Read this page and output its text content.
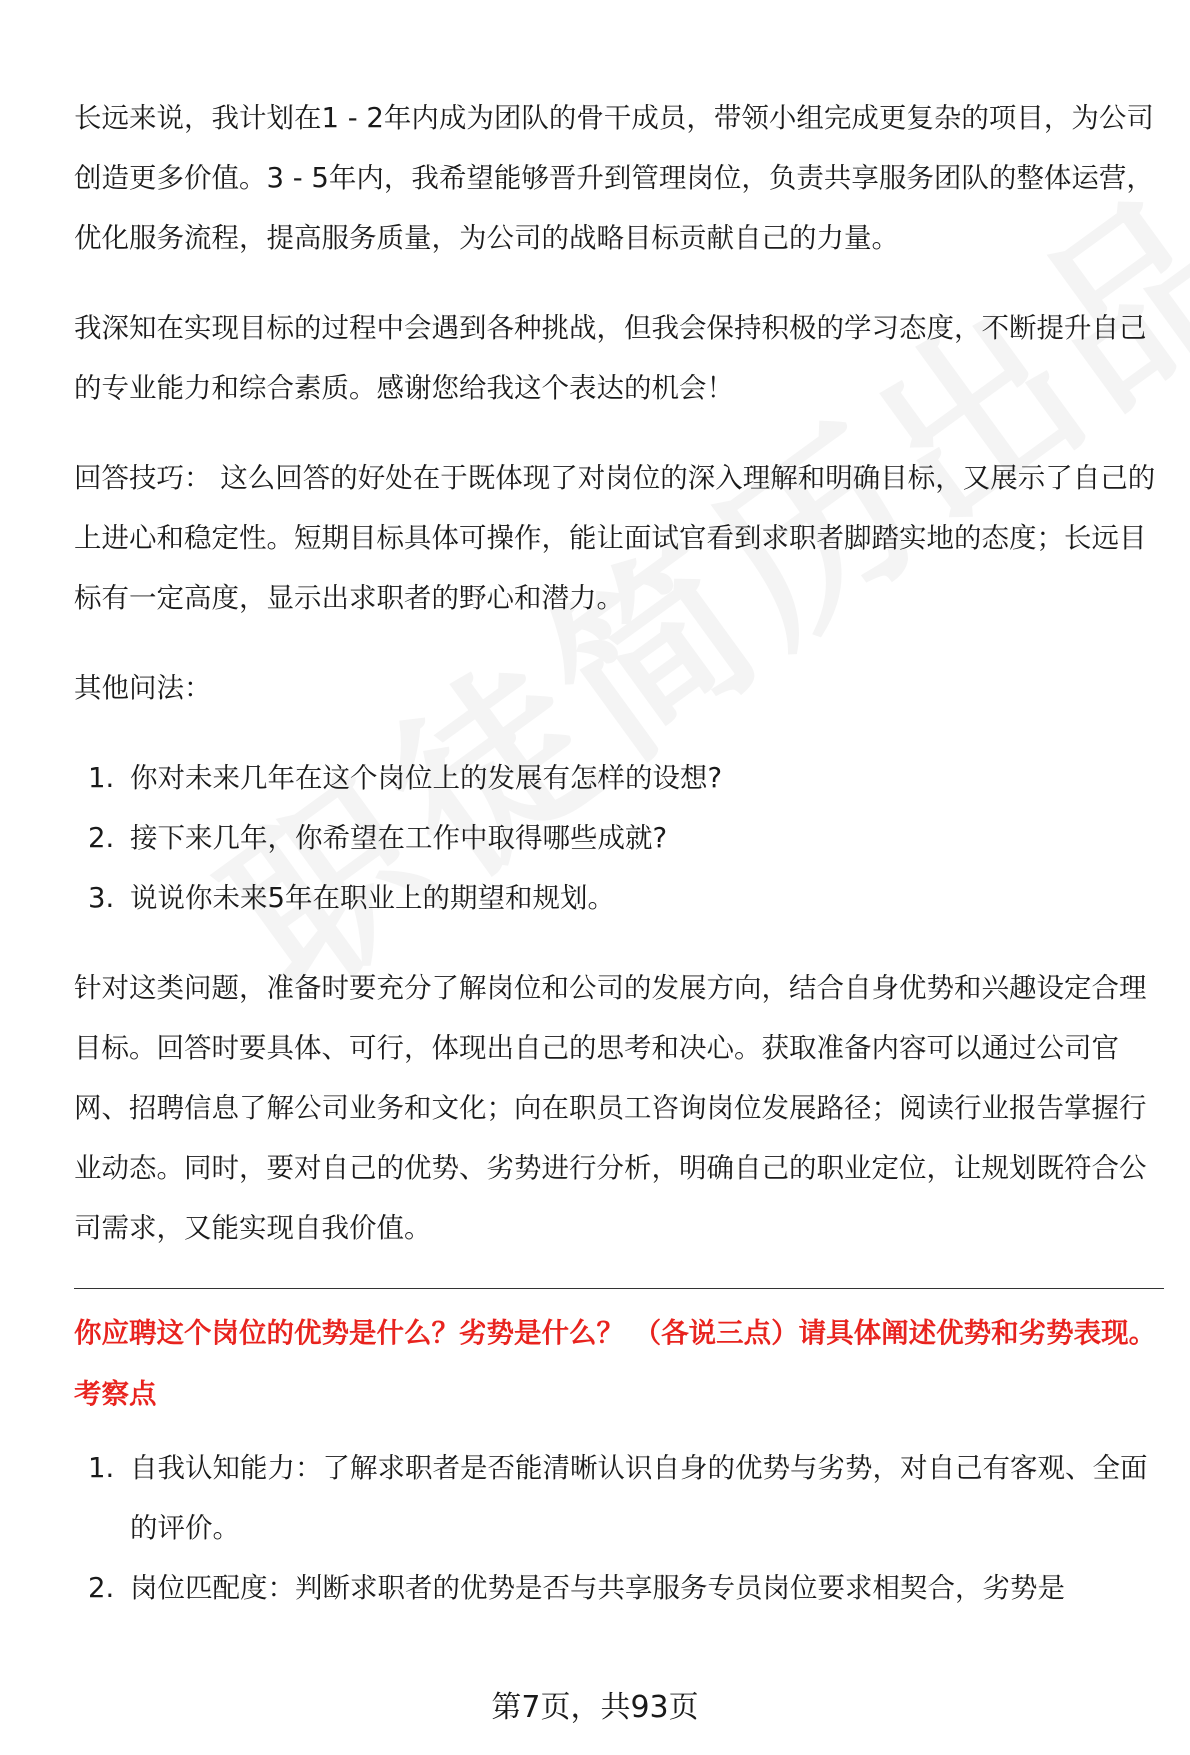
长远来说，我计划在1 - 2年内成为团队的骨干成员，带领小组完成更复杂的项目，为公司创造更多价值。3 - 5年内，我希望能够晋升到管理岗位，负责共享服务团队的整体运营，优化服务流程，提高服务质量，为公司的战略目标贡献自己的力量。

我深知在实现目标的过程中会遇到各种挑战，但我会保持积极的学习态度，不断提升自己的专业能力和综合素质。感谢您给我这个表达的机会！

回答技巧： 这么回答的好处在于既体现了对岗位的深入理解和明确目标，又展示了自己的上进心和稳定性。短期目标具体可操作，能让面试官看到求职者脚踏实地的态度；长远目标有一定高度，显示出求职者的野心和潜力。

其他问法：

1. 你对未来几年在这个岗位上的发展有怎样的设想?
2. 接下来几年，你希望在工作中取得哪些成就?
3. 说说你未来5年在职业上的期望和规划。

针对这类问题，准备时要充分了解岗位和公司的发展方向，结合自身优势和兴趣设定合理目标。回答时要具体、可行，体现出自己的思考和决心。获取准备内容可以通过公司官网、招聘信息了解公司业务和文化；向在职员工咨询岗位发展路径；阅读行业报告掌握行业动态。同时，要对自己的优势、劣势进行分析，明确自己的职业定位，让规划既符合公司需求，又能实现自我价值。

你应聘这个岗位的优势是什么？劣势是什么？ （各说三点）请具体阐述优势和劣势表现。
考察点
1. 自我认知能力：了解求职者是否能清晰认识自身的优势与劣势，对自己有客观、全面的评价。
2. 岗位匹配度：判断求职者的优势是否与共享服务专员岗位要求相契合，劣势是
第7页，共93页
